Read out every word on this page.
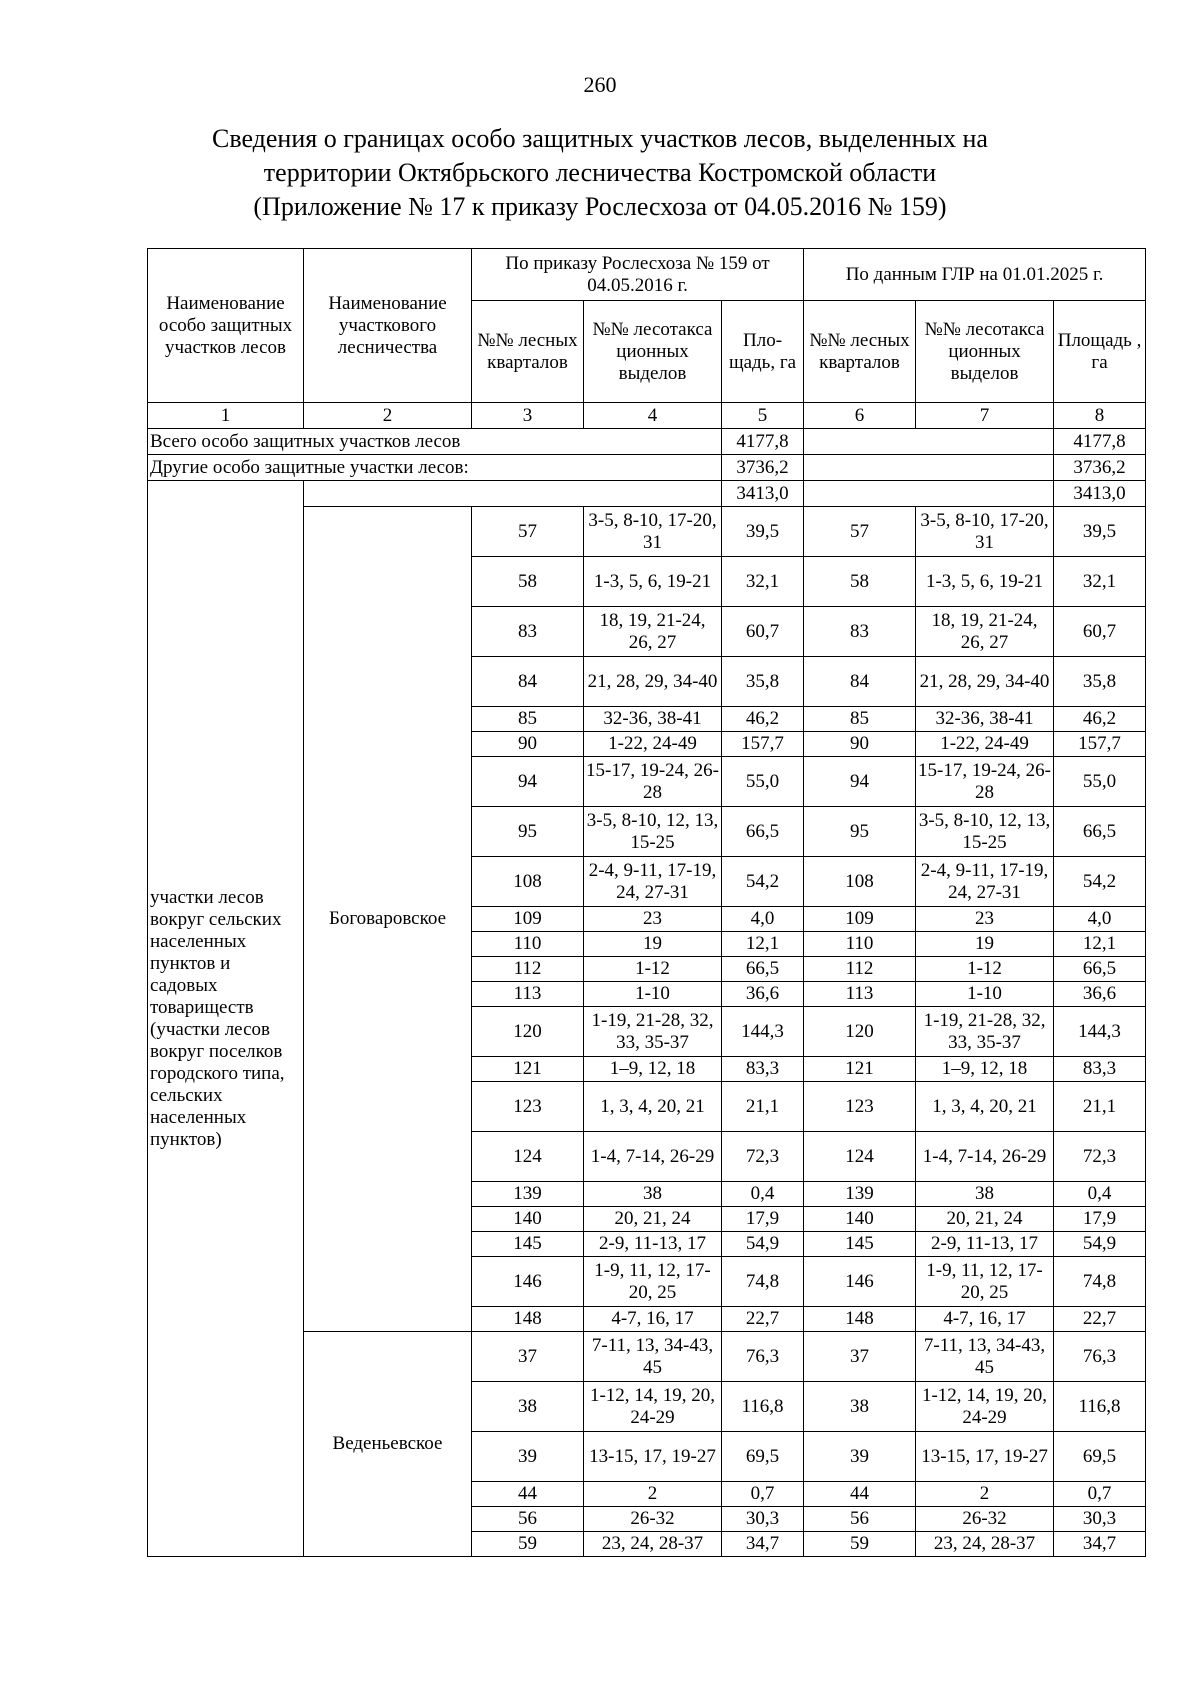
260
Сведения о границах особо защитных участков лесов, выделенных на
территории Октябрьского лесничества Костромской области
(Приложение № 17 к приказу Рослесхоза от 04.05.2016 № 159)
Наименование особо защитных участков лесов	Наименование участкового лесничества	По приказу Рослесхоза № 159 от 04.05.2016 г.			По данным ГЛР на 01.01.2025 г.		
		№№ лесных кварталов	№№ лесотакса ционных выделов	Пло- щадь, га	№№ лесных кварталов	№№ лесотакса ционных выделов	Площадь , га
1	2	3	4	5	6	7	8
Всего особо защитных участков лесов				4177,8			4177,8
Другие особо защитные участки лесов:				3736,2			3736,2
участки лесов вокруг сельских населенных пунктов и садовых товариществ (участки лесов вокруг поселков городского типа, сельских населенных пунктов)				3413,0			3413,0
	Боговаровское	57	3-5, 8-10, 17-20, 31	39,5	57	3-5, 8-10, 17-20, 31	39,5
		58	1-3, 5, 6, 19-21	32,1	58	1-3, 5, 6, 19-21	32,1
		83	18, 19, 21-24, 26, 27	60,7	83	18, 19, 21-24, 26, 27	60,7
		84	21, 28, 29, 34-40	35,8	84	21, 28, 29, 34-40	35,8
		85	32-36, 38-41	46,2	85	32-36, 38-41	46,2
		90	1-22, 24-49	157,7	90	1-22, 24-49	157,7
		94	15-17, 19-24, 26-28	55,0	94	15-17, 19-24, 26-28	55,0
		95	3-5, 8-10, 12, 13, 15-25	66,5	95	3-5, 8-10, 12, 13, 15-25	66,5
		108	2-4, 9-11, 17-19, 24, 27-31	54,2	108	2-4, 9-11, 17-19, 24, 27-31	54,2
		109	23	4,0	109	23	4,0
		110	19	12,1	110	19	12,1
		112	1-12	66,5	112	1-12	66,5
		113	1-10	36,6	113	1-10	36,6
		120	1-19, 21-28, 32, 33, 35-37	144,3	120	1-19, 21-28, 32, 33, 35-37	144,3
		121	1–9, 12, 18	83,3	121	1–9, 12, 18	83,3
		123	1, 3, 4, 20, 21	21,1	123	1, 3, 4, 20, 21	21,1
		124	1-4, 7-14, 26-29	72,3	124	1-4, 7-14, 26-29	72,3
		139	38	0,4	139	38	0,4
		140	20, 21, 24	17,9	140	20, 21, 24	17,9
		145	2-9, 11-13, 17	54,9	145	2-9, 11-13, 17	54,9
		146	1-9, 11, 12, 17-20, 25	74,8	146	1-9, 11, 12, 17-20, 25	74,8
		148	4-7, 16, 17	22,7	148	4-7, 16, 17	22,7
	Веденьевское	37	7-11, 13, 34-43, 45	76,3	37	7-11, 13, 34-43, 45	76,3
		38	1-12, 14, 19, 20, 24-29	116,8	38	1-12, 14, 19, 20, 24-29	116,8
		39	13-15, 17, 19-27	69,5	39	13-15, 17, 19-27	69,5
		44	2	0,7	44	2	0,7
		56	26-32	30,3	56	26-32	30,3
		59	23, 24, 28-37	34,7	59	23, 24, 28-37	34,7
